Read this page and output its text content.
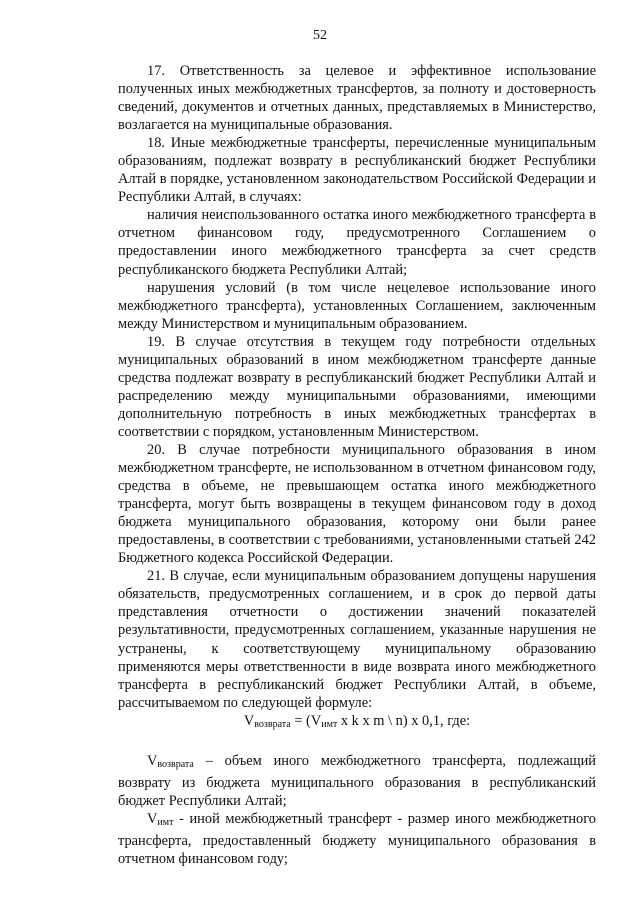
52

17. Ответственность за целевое и эффективное использование полученных иных межбюджетных трансфертов, за полноту и достоверность сведений, документов и отчетных данных, представляемых в Министерство, возлагается на муниципальные образования.

18. Иные межбюджетные трансферты, перечисленные муниципальным образованиям, подлежат возврату в республиканский бюджет Республики Алтай в порядке, установленном законодательством Российской Федерации и Республики Алтай, в случаях:

наличия неиспользованного остатка иного межбюджетного трансферта в отчетном финансовом году, предусмотренного Соглашением о предоставлении иного межбюджетного трансферта за счет средств республиканского бюджета Республики Алтай;

нарушения условий (в том числе нецелевое использование иного межбюджетного трансферта), установленных Соглашением, заключенным между Министерством и муниципальным образованием.

19. В случае отсутствия в текущем году потребности отдельных муниципальных образований в ином межбюджетном трансферте данные средства подлежат возврату в республиканский бюджет Республики Алтай и распределению между муниципальными образованиями, имеющими дополнительную потребность в иных межбюджетных трансфертах в соответствии с порядком, установленным Министерством.

20. В случае потребности муниципального образования в ином межбюджетном трансферте, не использованном в отчетном финансовом году, средства в объеме, не превышающем остатка иного межбюджетного трансферта, могут быть возвращены в текущем финансовом году в доход бюджета муниципального образования, которому они были ранее предоставлены, в соответствии с требованиями, установленными статьей 242 Бюджетного кодекса Российской Федерации.

21. В случае, если муниципальным образованием допущены нарушения обязательств, предусмотренных соглашением, и в срок до первой даты представления отчетности о достижении значений показателей результативности, предусмотренных соглашением, указанные нарушения не устранены, к соответствующему муниципальному образованию применяются меры ответственности в виде возврата иного межбюджетного трансферта в республиканский бюджет Республики Алтай, в объеме, рассчитываемом по следующей формуле:

$V_{возврата} = (V_{имт}$ х k х m \ n) х 0,1, где:

$V_{возврата}$ – объем иного межбюджетного трансферта, подлежащий возврату из бюджета муниципального образования в республиканский бюджет Республики Алтай;

$V_{имт}$ - иной межбюджетный трансферт - размер иного межбюджетного трансферта, предоставленный бюджету муниципального образования в отчетном финансовом году;
